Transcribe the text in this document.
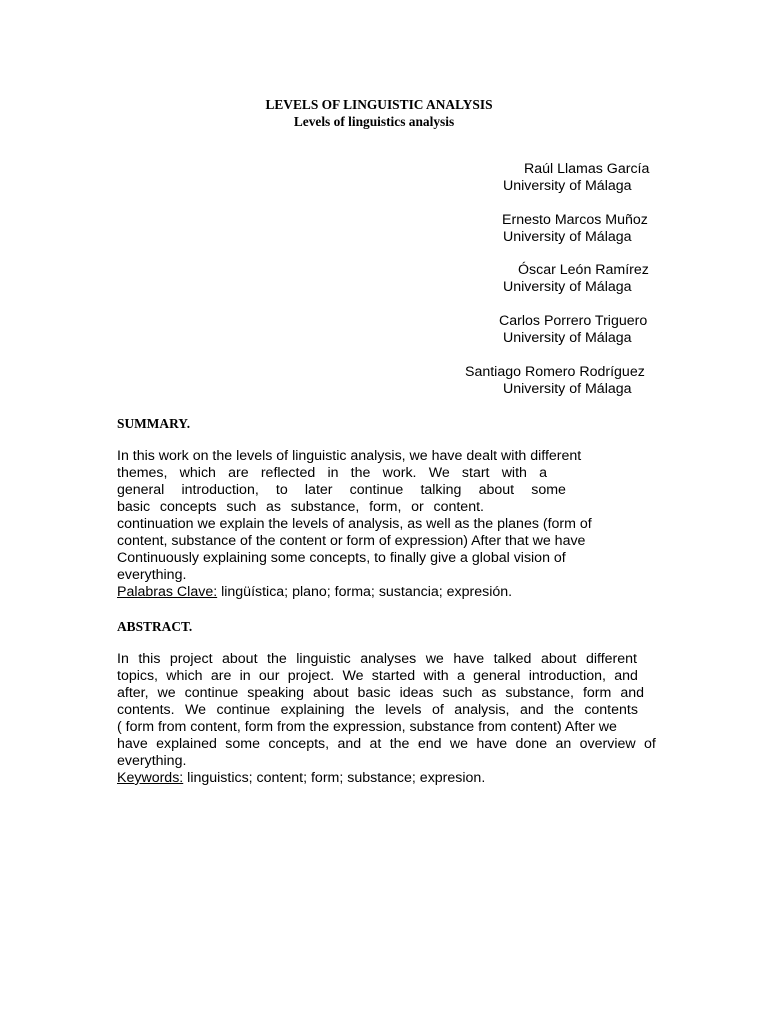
LEVELS OF LINGUISTIC ANALYSIS
Levels of linguistics analysis
Raúl Llamas García
University of Málaga
Ernesto Marcos Muñoz
University of Málaga
Óscar León Ramírez
University of Málaga
Carlos Porrero Triguero
University of Málaga
Santiago Romero Rodríguez
University of Málaga
SUMMARY.
In this work on the levels of linguistic analysis, we have dealt with different
themes, which are reflected in the work. We start with a
general introduction, to later continue talking about some
basic concepts such as substance, form, or content.
continuation we explain the levels of analysis, as well as the planes (form of
content, substance of the content or form of expression) After that we have
Continuously explaining some concepts, to finally give a global vision of
everything.
Palabras Clave: lingüística; plano; forma; sustancia; expresión.
ABSTRACT.
In this project about the linguistic analyses we have talked about different
topics, which are in our project. We started with a general introduction, and
after, we continue speaking about basic ideas such as substance, form and
contents. We continue explaining the levels of analysis, and the contents
( form from content, form from the expression, substance from content) After we
have explained some concepts, and at the end we have done an overview of
everything.
Keywords: linguistics; content; form; substance; expresion.
